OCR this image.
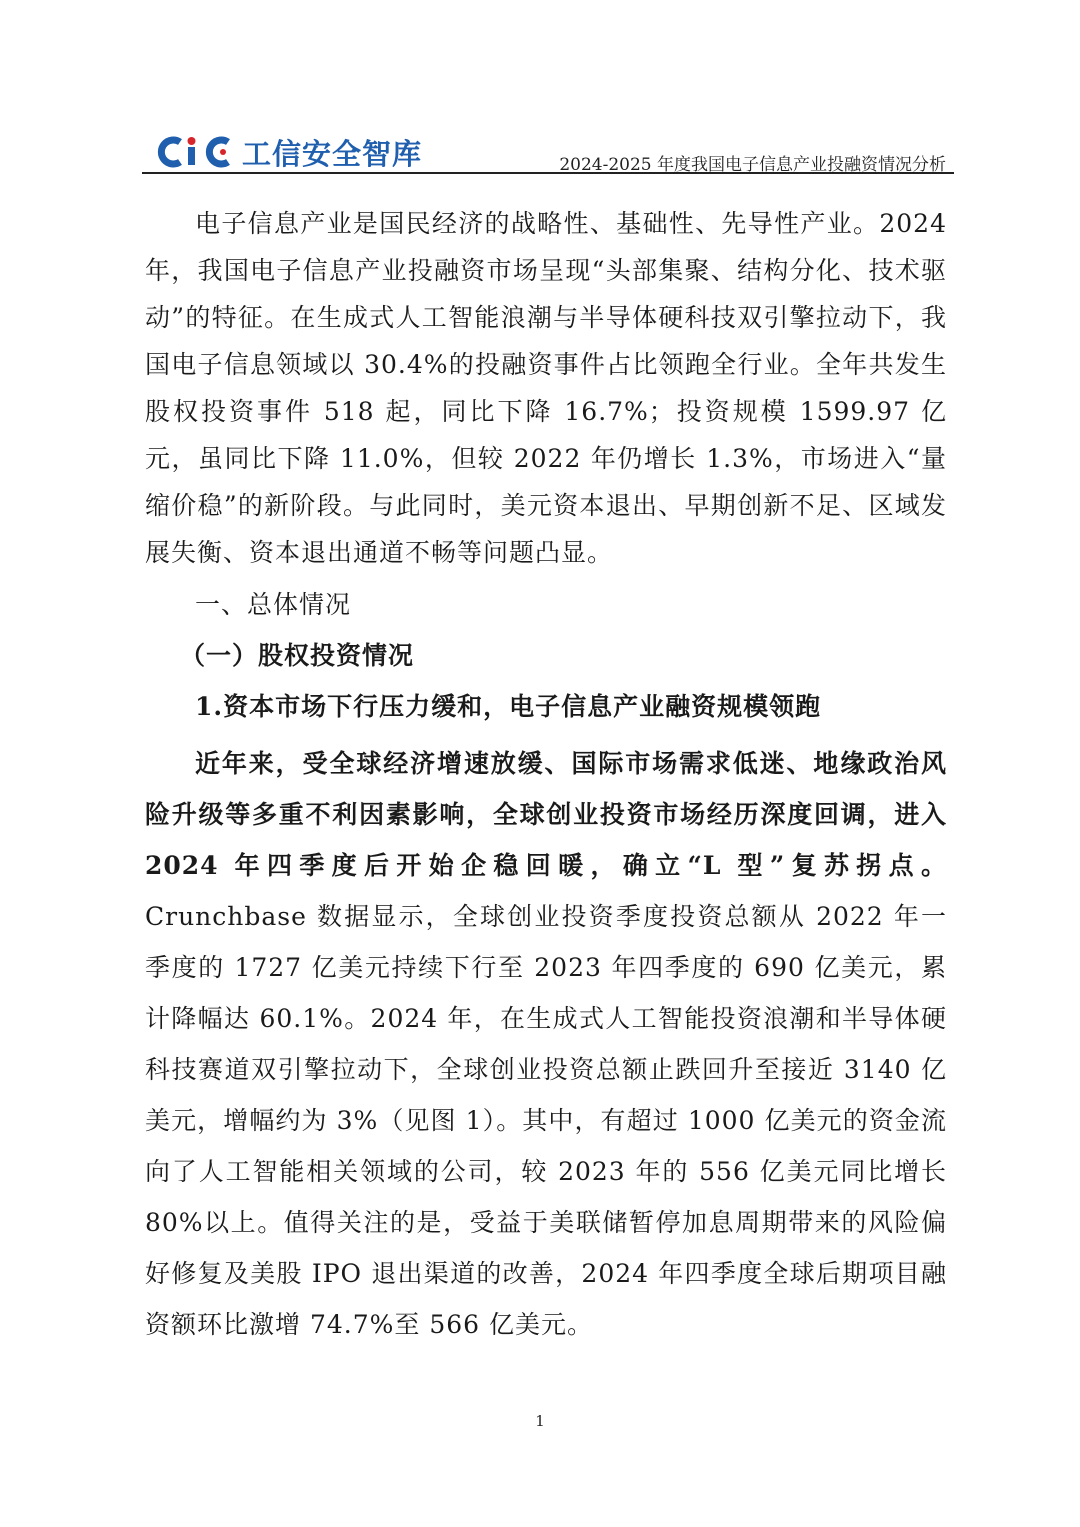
工信安全智库	2024-2025 年度我国电子信息产业投融资情况分析

电子信息产业是国民经济的战略性、基础性、先导性产业。2024 年，我国电子信息产业投融资市场呈现“头部集聚、结构分化、技术驱动”的特征。在生成式人工智能浪潮与半导体硬科技双引擎拉动下，我国电子信息领域以 30.4%的投融资事件占比领跑全行业。全年共发生股权投资事件 518 起，同比下降 16.7%；投资规模 1599.97 亿元，虽同比下降 11.0%，但较 2022 年仍增长 1.3%，市场进入“量缩价稳”的新阶段。与此同时，美元资本退出、早期创新不足、区域发展失衡、资本退出通道不畅等问题凸显。

一、总体情况
（一）股权投资情况
1.资本市场下行压力缓和，电子信息产业融资规模领跑

近年来，受全球经济增速放缓、国际市场需求低迷、地缘政治风险升级等多重不利因素影响，全球创业投资市场经历深度回调，进入 2024 年四季度后开始企稳回暖，确立“L 型”复苏拐点。Crunchbase 数据显示，全球创业投资季度投资总额从 2022 年一季度的 1727 亿美元持续下行至 2023 年四季度的 690 亿美元，累计降幅达 60.1%。2024 年，在生成式人工智能投资浪潮和半导体硬科技赛道双引擎拉动下，全球创业投资总额止跌回升至接近 3140 亿美元，增幅约为 3%（见图 1）。其中，有超过 1000 亿美元的资金流向了人工智能相关领域的公司，较 2023 年的 556 亿美元同比增长 80%以上。值得关注的是，受益于美联储暂停加息周期带来的风险偏好修复及美股 IPO 退出渠道的改善，2024 年四季度全球后期项目融资额环比激增 74.7%至 566 亿美元。

1
